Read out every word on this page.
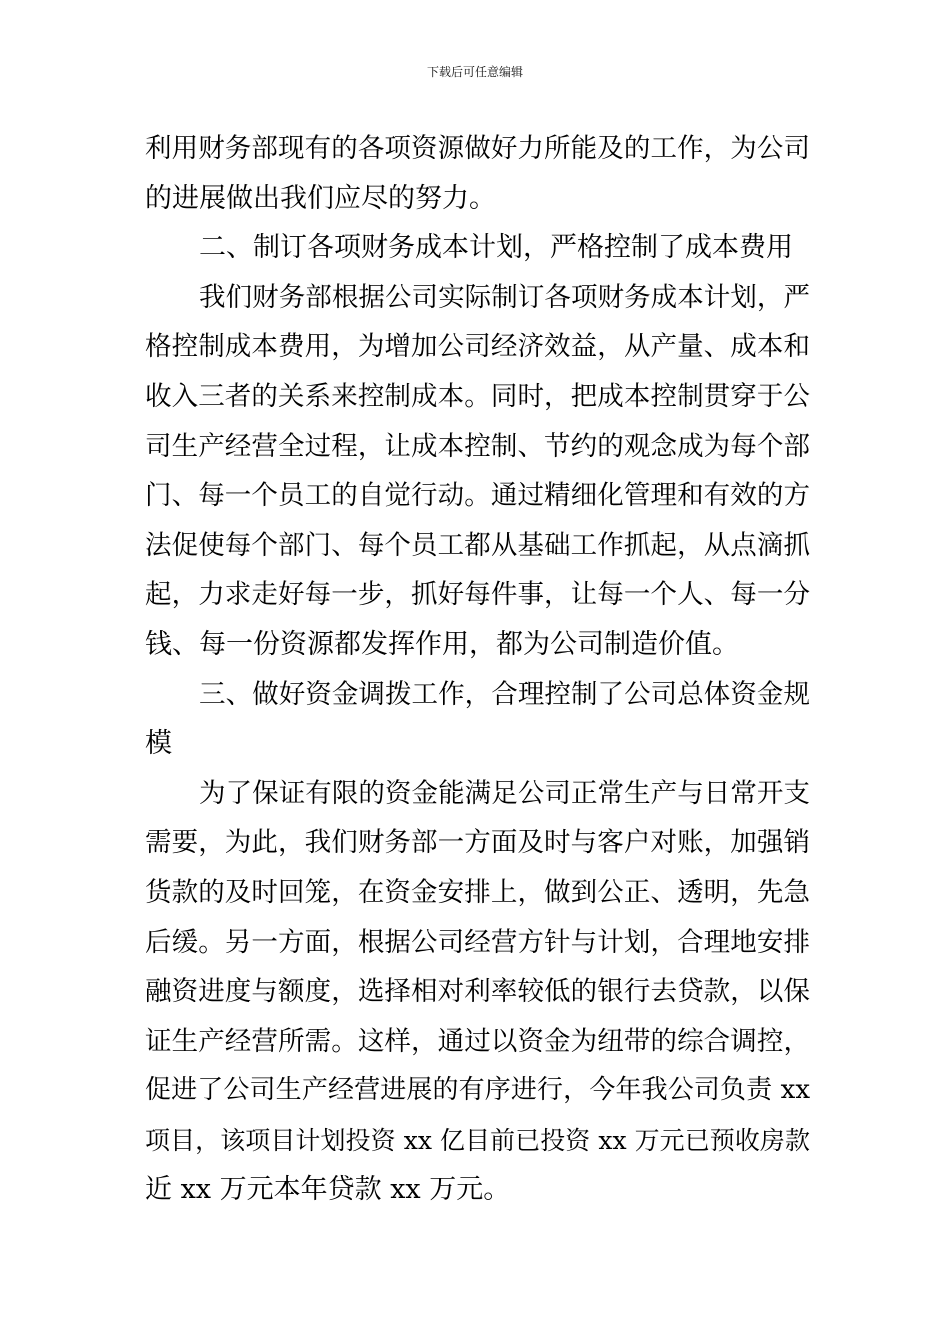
下载后可任意编辑
利用财务部现有的各项资源做好力所能及的工作，为公司
的进展做出我们应尽的努力。
二、制订各项财务成本计划，严格控制了成本费用
我们财务部根据公司实际制订各项财务成本计划，严
格控制成本费用，为增加公司经济效益，从产量、成本和
收入三者的关系来控制成本。同时，把成本控制贯穿于公
司生产经营全过程，让成本控制、节约的观念成为每个部
门、每一个员工的自觉行动。通过精细化管理和有效的方
法促使每个部门、每个员工都从基础工作抓起，从点滴抓
起，力求走好每一步，抓好每件事，让每一个人、每一分
钱、每一份资源都发挥作用，都为公司制造价值。
三、做好资金调拨工作，合理控制了公司总体资金规
模
为了保证有限的资金能满足公司正常生产与日常开支
需要，为此，我们财务部一方面及时与客户对账，加强销
货款的及时回笼，在资金安排上，做到公正、透明，先急
后缓。另一方面，根据公司经营方针与计划，合理地安排
融资进度与额度，选择相对利率较低的银行去贷款，以保
证生产经营所需。这样，通过以资金为纽带的综合调控，
促进了公司生产经营进展的有序进行，今年我公司负责 xx
项目，该项目计划投资 xx 亿目前已投资 xx 万元已预收房款
近 xx 万元本年贷款 xx 万元。
